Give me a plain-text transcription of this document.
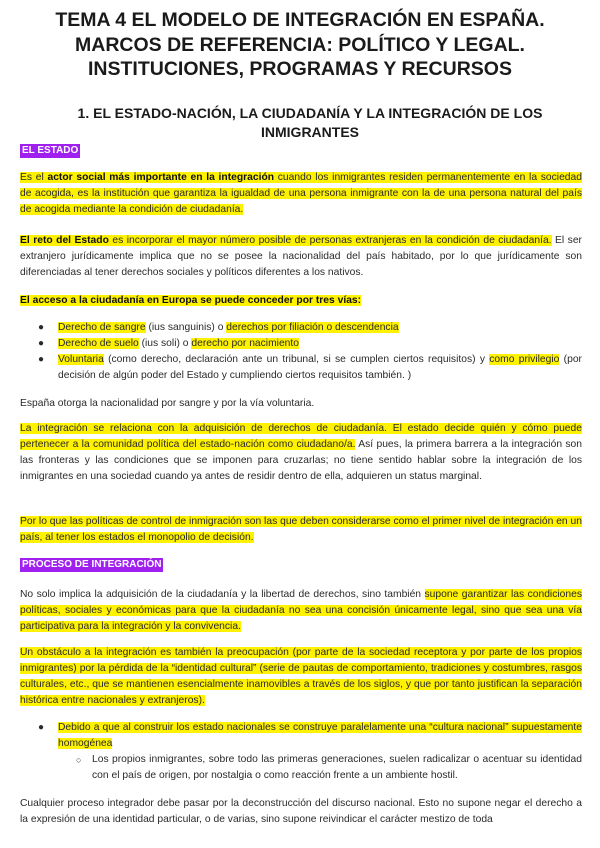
TEMA 4 EL MODELO DE INTEGRACIÓN EN ESPAÑA. MARCOS DE REFERENCIA: POLÍTICO Y LEGAL. INSTITUCIONES, PROGRAMAS Y RECURSOS
1. EL ESTADO-NACIÓN, LA CIUDADANÍA Y LA INTEGRACIÓN DE LOS INMIGRANTES
EL ESTADO

Es el actor social más importante en la integración cuando los inmigrantes residen permanentemente en la sociedad de acogida, es la institución que garantiza la igualdad de una persona inmigrante con la de una persona natural del país de acogida mediante la condición de ciudadanía.

El reto del Estado es incorporar el mayor número posible de personas extranjeras en la condición de ciudadanía. El ser extranjero jurídicamente implica que no se posee la nacionalidad del país habitado, por lo que jurídicamente son diferenciadas al tener derechos sociales y políticos diferentes a los nativos.

El acceso a la ciudadanía en Europa se puede conceder por tres vías:

● Derecho de sangre (ius sanguinis) o derechos por filiación o descendencia
● Derecho de suelo (ius soli) o derecho por nacimiento
● Voluntaria (como derecho, declaración ante un tribunal, si se cumplen ciertos requisitos) y como privilegio (por decisión de algún poder del Estado y cumpliendo ciertos requisitos también. )

España otorga la nacionalidad por sangre y por la vía voluntaria.

La integración se relaciona con la adquisición de derechos de ciudadanía. El estado decide quién y cómo puede pertenecer a la comunidad política del estado-nación como ciudadano/a. Así pues, la primera barrera a la integración son las fronteras y las condiciones que se imponen para cruzarlas; no tiene sentido hablar sobre la integración de los inmigrantes en una sociedad cuando ya antes de residir dentro de ella, adquieren un status marginal.

Por lo que las políticas de control de inmigración son las que deben considerarse como el primer nivel de integración en un país, al tener los estados el monopolio de decisión.

PROCESO DE INTEGRACIÓN

No solo implica la adquisición de la ciudadanía y la libertad de derechos, sino también supone garantizar las condiciones políticas, sociales y económicas para que la ciudadanía no sea una concisión únicamente legal, sino que sea una vía participativa para la integración y la convivencia.

Un obstáculo a la integración es también la preocupación (por parte de la sociedad receptora y por parte de los propios inmigrantes) por la pérdida de la “identidad cultural” (serie de pautas de comportamiento, tradiciones y costumbres, rasgos culturales, etc., que se mantienen esencialmente inamovibles a través de los siglos, y que por tanto justifican la separación histórica entre nacionales y extranjeros).

● Debido a que al construir los estado nacionales se construye paralelamente una “cultura nacional” supuestamente homogénea
○ Los propios inmigrantes, sobre todo las primeras generaciones, suelen radicalizar o acentuar su identidad con el país de origen, por nostalgia o como reacción frente a un ambiente hostil.

Cualquier proceso integrador debe pasar por la deconstrucción del discurso nacional. Esto no supone negar el derecho a la expresión de una identidad particular, o de varias, sino supone reivindicar el carácter mestizo de toda
